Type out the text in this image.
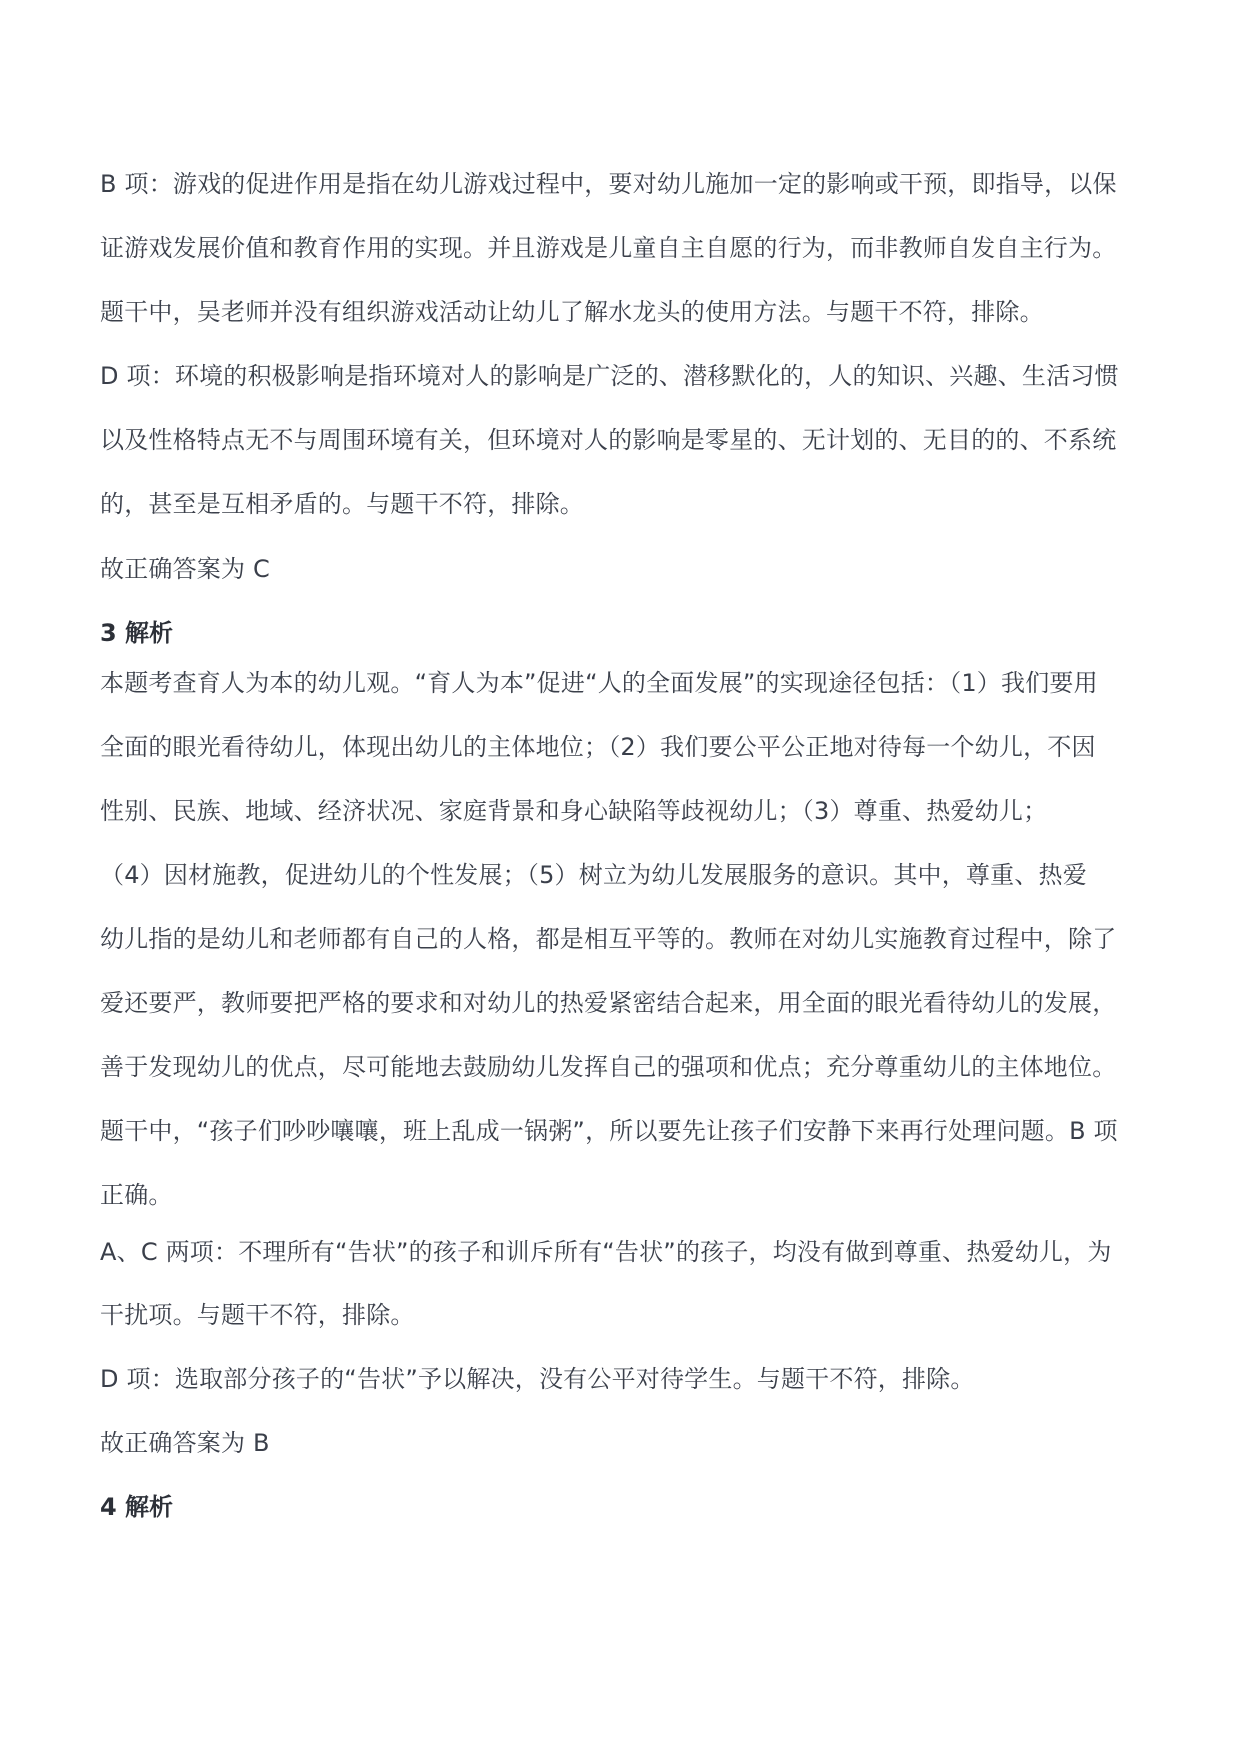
B 项：游戏的促进作用是指在幼儿游戏过程中，要对幼儿施加一定的影响或干预，即指导，以保
证游戏发展价值和教育作用的实现。并且游戏是儿童自主自愿的行为，而非教师自发自主行为。
题干中，吴老师并没有组织游戏活动让幼儿了解水龙头的使用方法。与题干不符，排除。
D 项：环境的积极影响是指环境对人的影响是广泛的、潜移默化的，人的知识、兴趣、生活习惯
以及性格特点无不与周围环境有关，但环境对人的影响是零星的、无计划的、无目的的、不系统
的，甚至是互相矛盾的。与题干不符，排除。
故正确答案为 C
3 解析
本题考查育人为本的幼儿观。“育人为本”促进“人的全面发展”的实现途径包括：（1）我们要用
全面的眼光看待幼儿，体现出幼儿的主体地位；（2）我们要公平公正地对待每一个幼儿，不因
性别、民族、地域、经济状况、家庭背景和身心缺陷等歧视幼儿；（3）尊重、热爱幼儿；
（4）因材施教，促进幼儿的个性发展；（5）树立为幼儿发展服务的意识。其中，尊重、热爱
幼儿指的是幼儿和老师都有自己的人格，都是相互平等的。教师在对幼儿实施教育过程中，除了
爱还要严，教师要把严格的要求和对幼儿的热爱紧密结合起来，用全面的眼光看待幼儿的发展，
善于发现幼儿的优点，尽可能地去鼓励幼儿发挥自己的强项和优点；充分尊重幼儿的主体地位。
题干中，“孩子们吵吵嚷嚷，班上乱成一锅粥”，所以要先让孩子们安静下来再行处理问题。B 项
正确。
A、C 两项：不理所有“告状”的孩子和训斥所有“告状”的孩子，均没有做到尊重、热爱幼儿，为
干扰项。与题干不符，排除。
D 项：选取部分孩子的“告状”予以解决，没有公平对待学生。与题干不符，排除。
故正确答案为 B
4 解析
